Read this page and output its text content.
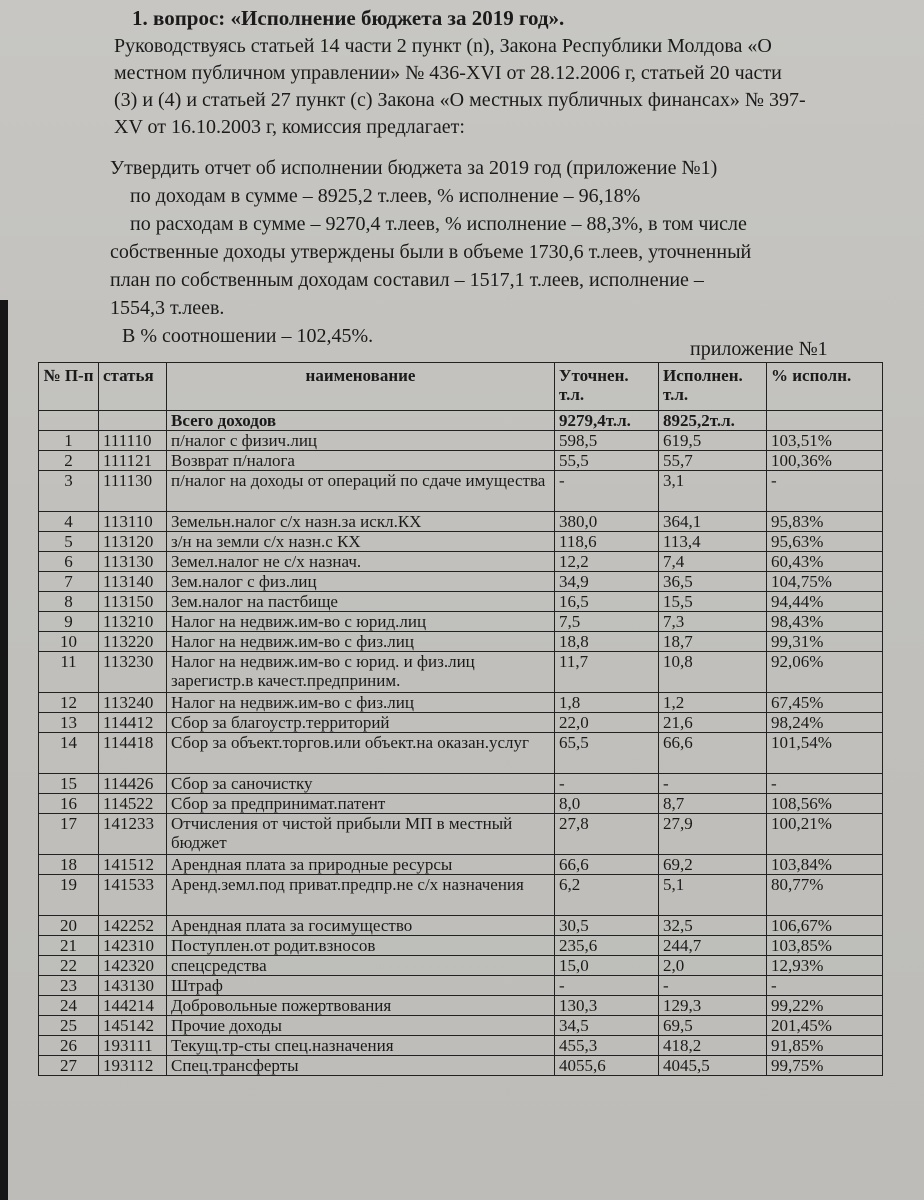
1. вопрос: «Исполнение бюджета за 2019 год».

Руководствуясь статьей 14 части 2 пункт (n), Закона Республики Молдова «О

местном публичном управлении» № 436-XVI от 28.12.2006 г, статьей 20 части

(3) и (4) и статьей 27 пункт (с) Закона «О местных публичных финансах» № 397-

XV от 16.10.2003 г, комиссия предлагает:

Утвердить отчет об исполнении бюджета за 2019 год (приложение №1)

по доходам в сумме – 8925,2 т.леев, % исполнение – 96,18%

по расходам в сумме – 9270,4 т.леев, % исполнение – 88,3%, в том числе

собственные доходы утверждены были в объеме 1730,6 т.леев, уточненный

план по собственным доходам составил – 1517,1 т.леев, исполнение –

1554,3 т.леев.

В % соотношении – 102,45%.

приложение №1
№ П-п	статья	наименование	Уточнен. т.л.	Исполнен. т.л.	% исполн.
		Всего доходов	9279,4т.л.	8925,2т.л.	
1	111110	п/налог с физич.лиц	598,5	619,5	103,51%
2	111121	Возврат п/налога	55,5	55,7	100,36%
3	111130	п/налог на доходы от операций по сдаче имущества	-	3,1	-
4	113110	Земельн.налог с/х назн.за искл.КХ	380,0	364,1	95,83%
5	113120	з/н на земли с/х назн.с КХ	118,6	113,4	95,63%
6	113130	Земел.налог не с/х назнач.	12,2	7,4	60,43%
7	113140	Зем.налог с физ.лиц	34,9	36,5	104,75%
8	113150	Зем.налог на пастбище	16,5	15,5	94,44%
9	113210	Налог на недвиж.им-во с юрид.лиц	7,5	7,3	98,43%
10	113220	Налог на недвиж.им-во с физ.лиц	18,8	18,7	99,31%
11	113230	Налог на недвиж.им-во с юрид. и физ.лиц зарегистр.в качест.предприним.	11,7	10,8	92,06%
12	113240	Налог на недвиж.им-во с физ.лиц	1,8	1,2	67,45%
13	114412	Сбор за благоустр.территорий	22,0	21,6	98,24%
14	114418	Сбор за объект.торгов.или объект.на оказан.услуг	65,5	66,6	101,54%
15	114426	Сбор за саночистку	-	-	-
16	114522	Сбор за предпринимат.патент	8,0	8,7	108,56%
17	141233	Отчисления от чистой прибыли МП в местный бюджет	27,8	27,9	100,21%
18	141512	Арендная плата за природные ресурсы	66,6	69,2	103,84%
19	141533	Аренд.земл.под приват.предпр.не с/х назначения	6,2	5,1	80,77%
20	142252	Арендная плата за госимущество	30,5	32,5	106,67%
21	142310	Поступлен.от родит.взносов	235,6	244,7	103,85%
22	142320	спецсредства	15,0	2,0	12,93%
23	143130	Штраф	-	-	-
24	144214	Добровольные пожертвования	130,3	129,3	99,22%
25	145142	Прочие доходы	34,5	69,5	201,45%
26	193111	Текущ.тр-сты спец.назначения	455,3	418,2	91,85%
27	193112	Спец.трансферты	4055,6	4045,5	99,75%
